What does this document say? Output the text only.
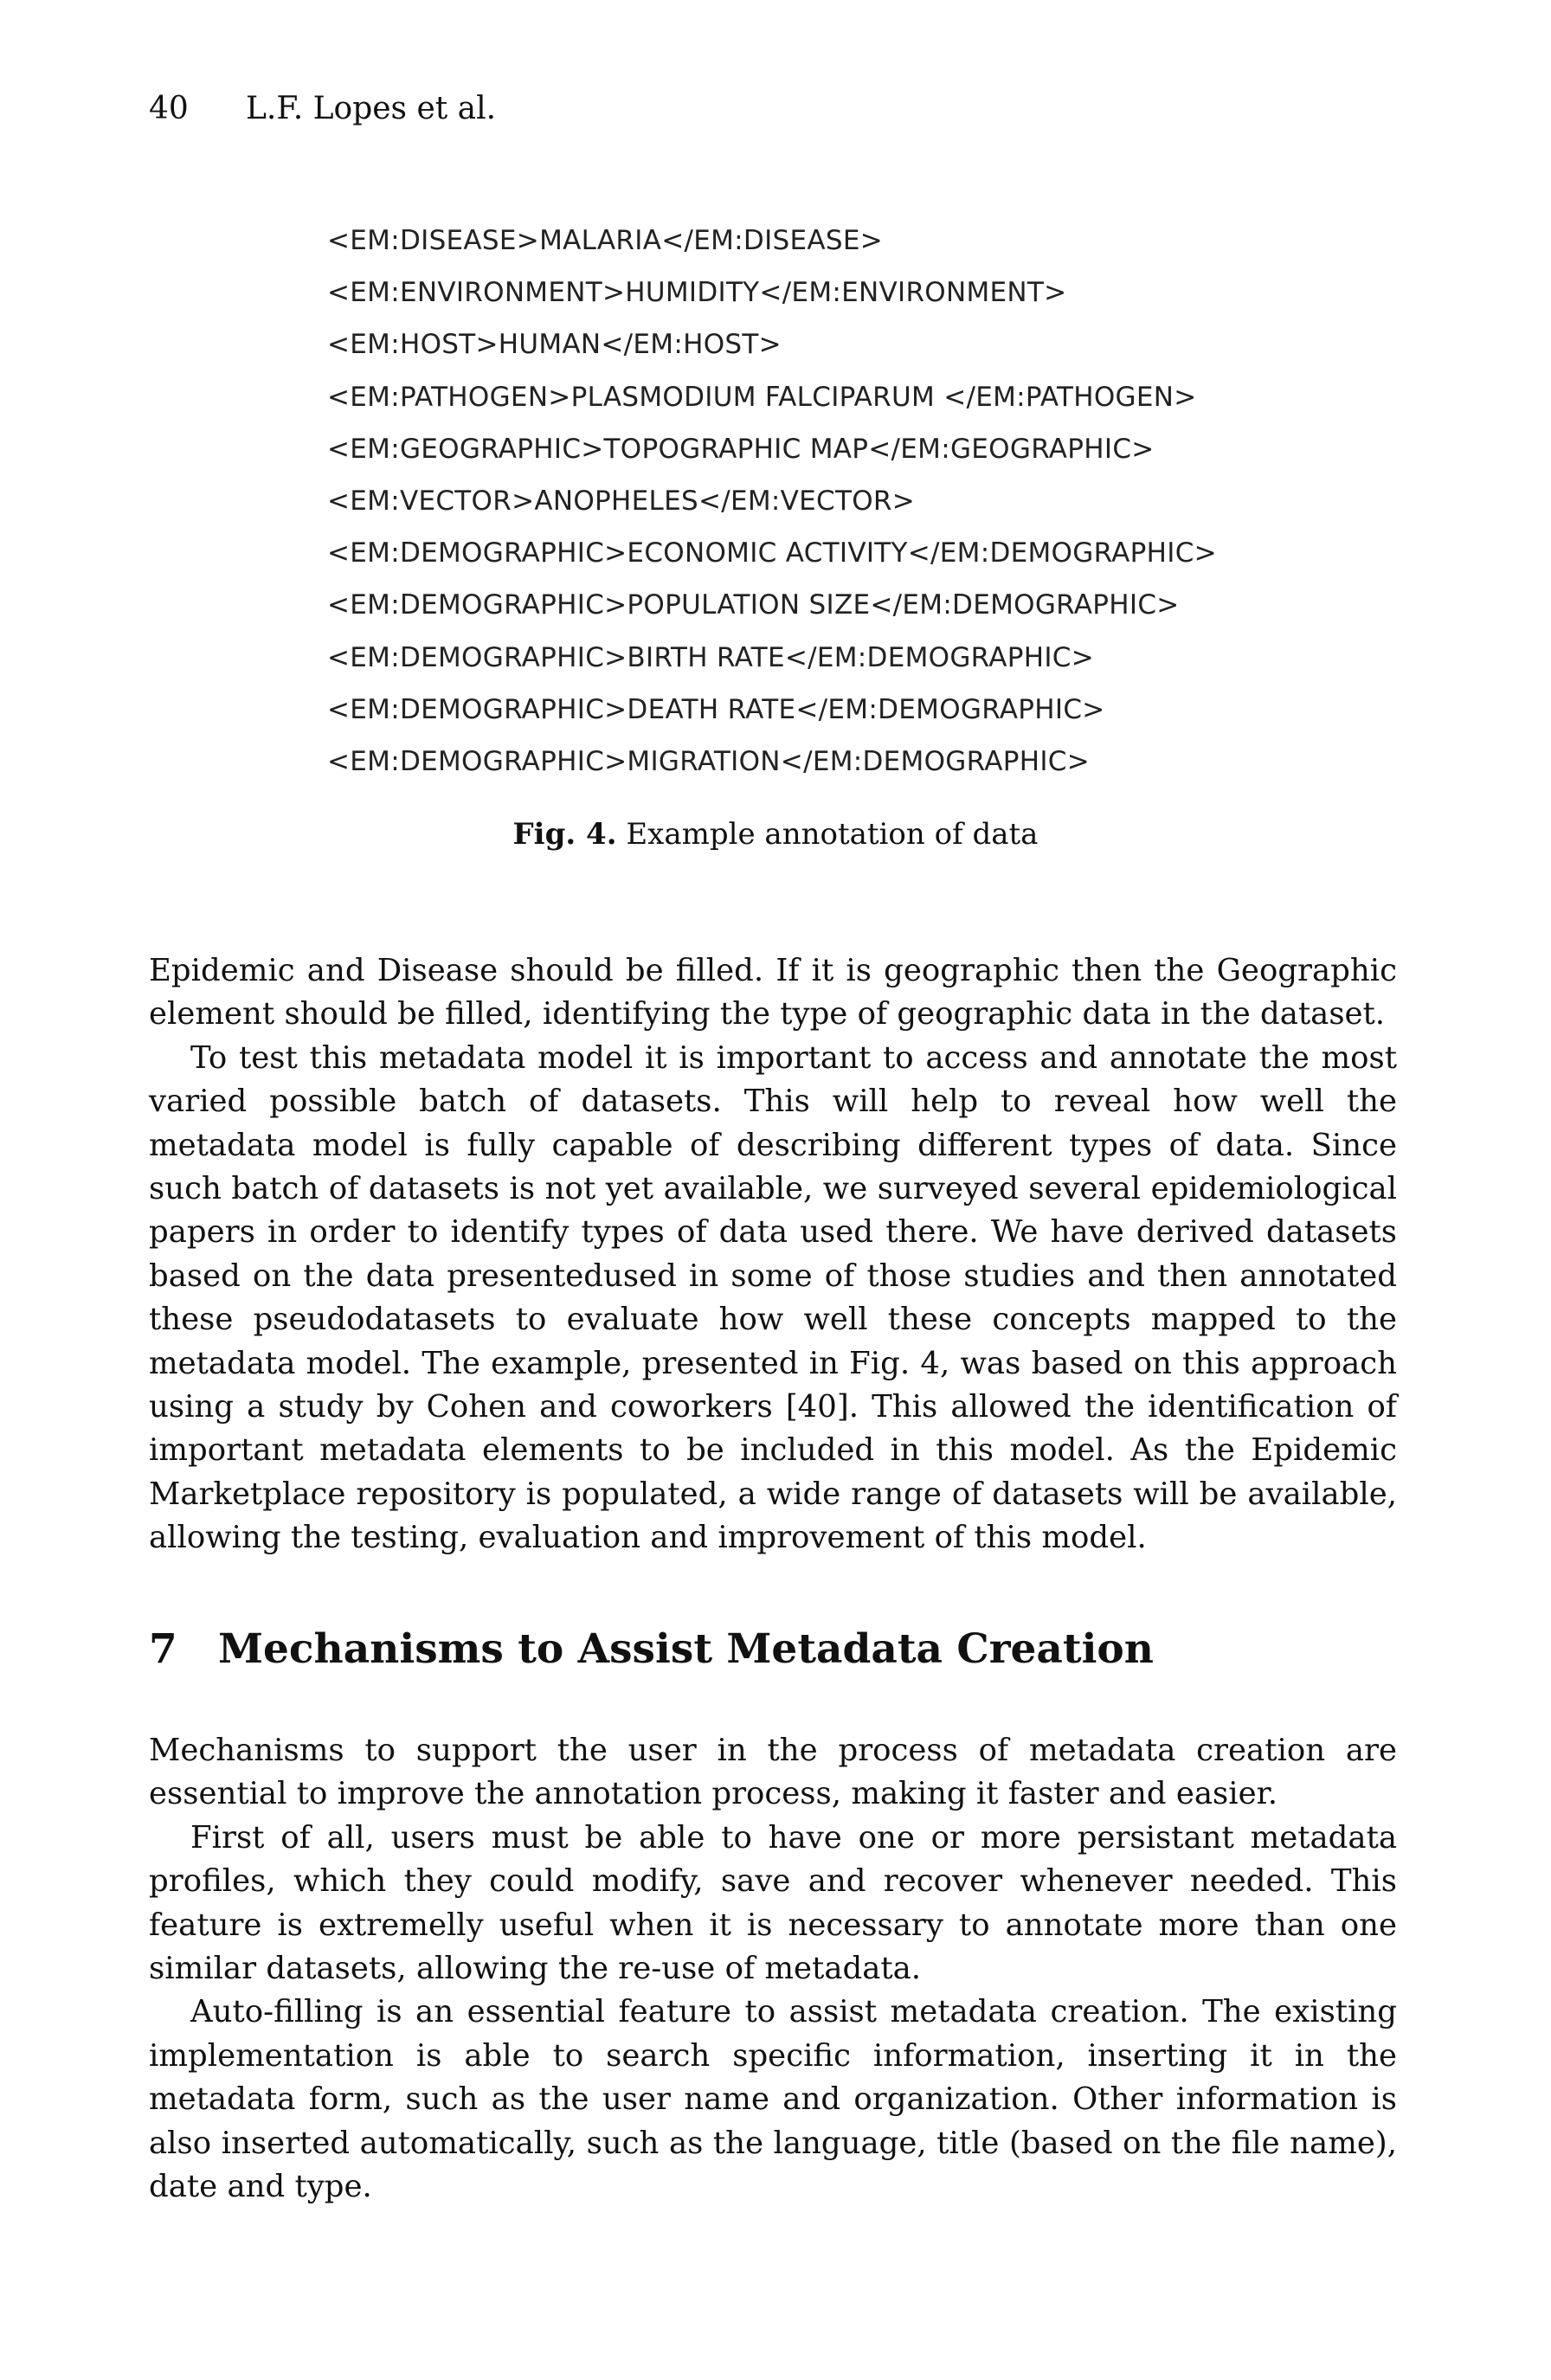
40 L.F. Lopes et al.
<EM:DISEASE>MALARIA</EM:DISEASE>
<EM:ENVIRONMENT>HUMIDITY</EM:ENVIRONMENT>
<EM:HOST>HUMAN</EM:HOST>
<EM:PATHOGEN>PLASMODIUM FALCIPARUM </EM:PATHOGEN>
<EM:GEOGRAPHIC>TOPOGRAPHIC MAP</EM:GEOGRAPHIC>
<EM:VECTOR>ANOPHELES</EM:VECTOR>
<EM:DEMOGRAPHIC>ECONOMIC ACTIVITY</EM:DEMOGRAPHIC>
<EM:DEMOGRAPHIC>POPULATION SIZE</EM:DEMOGRAPHIC>
<EM:DEMOGRAPHIC>BIRTH RATE</EM:DEMOGRAPHIC>
<EM:DEMOGRAPHIC>DEATH RATE</EM:DEMOGRAPHIC>
<EM:DEMOGRAPHIC>MIGRATION</EM:DEMOGRAPHIC>
Fig. 4. Example annotation of data

Epidemic and Disease should be filled. If it is geographic then the Geographic element should be filled, identifying the type of geographic data in the dataset.

To test this metadata model it is important to access and annotate the most varied possible batch of datasets. This will help to reveal how well the metadata model is fully capable of describing different types of data. Since such batch of datasets is not yet available, we surveyed several epidemiological papers in order to identify types of data used there. We have derived datasets based on the data presentedused in some of those studies and then annotated these pseudodatasets to evaluate how well these concepts mapped to the metadata model. The example, presented in Fig. 4, was based on this approach using a study by Cohen and coworkers [40]. This allowed the identification of important metadata elements to be included in this model. As the Epidemic Marketplace repository is populated, a wide range of datasets will be available, allowing the testing, evaluation and improvement of this model.

7 Mechanisms to Assist Metadata Creation

Mechanisms to support the user in the process of metadata creation are essential to improve the annotation process, making it faster and easier.

First of all, users must be able to have one or more persistant metadata profiles, which they could modify, save and recover whenever needed. This feature is extremelly useful when it is necessary to annotate more than one similar datasets, allowing the re-use of metadata.

Auto-filling is an essential feature to assist metadata creation. The existing implementation is able to search specific information, inserting it in the metadata form, such as the user name and organization. Other information is also inserted automatically, such as the language, title (based on the file name), date and type.
